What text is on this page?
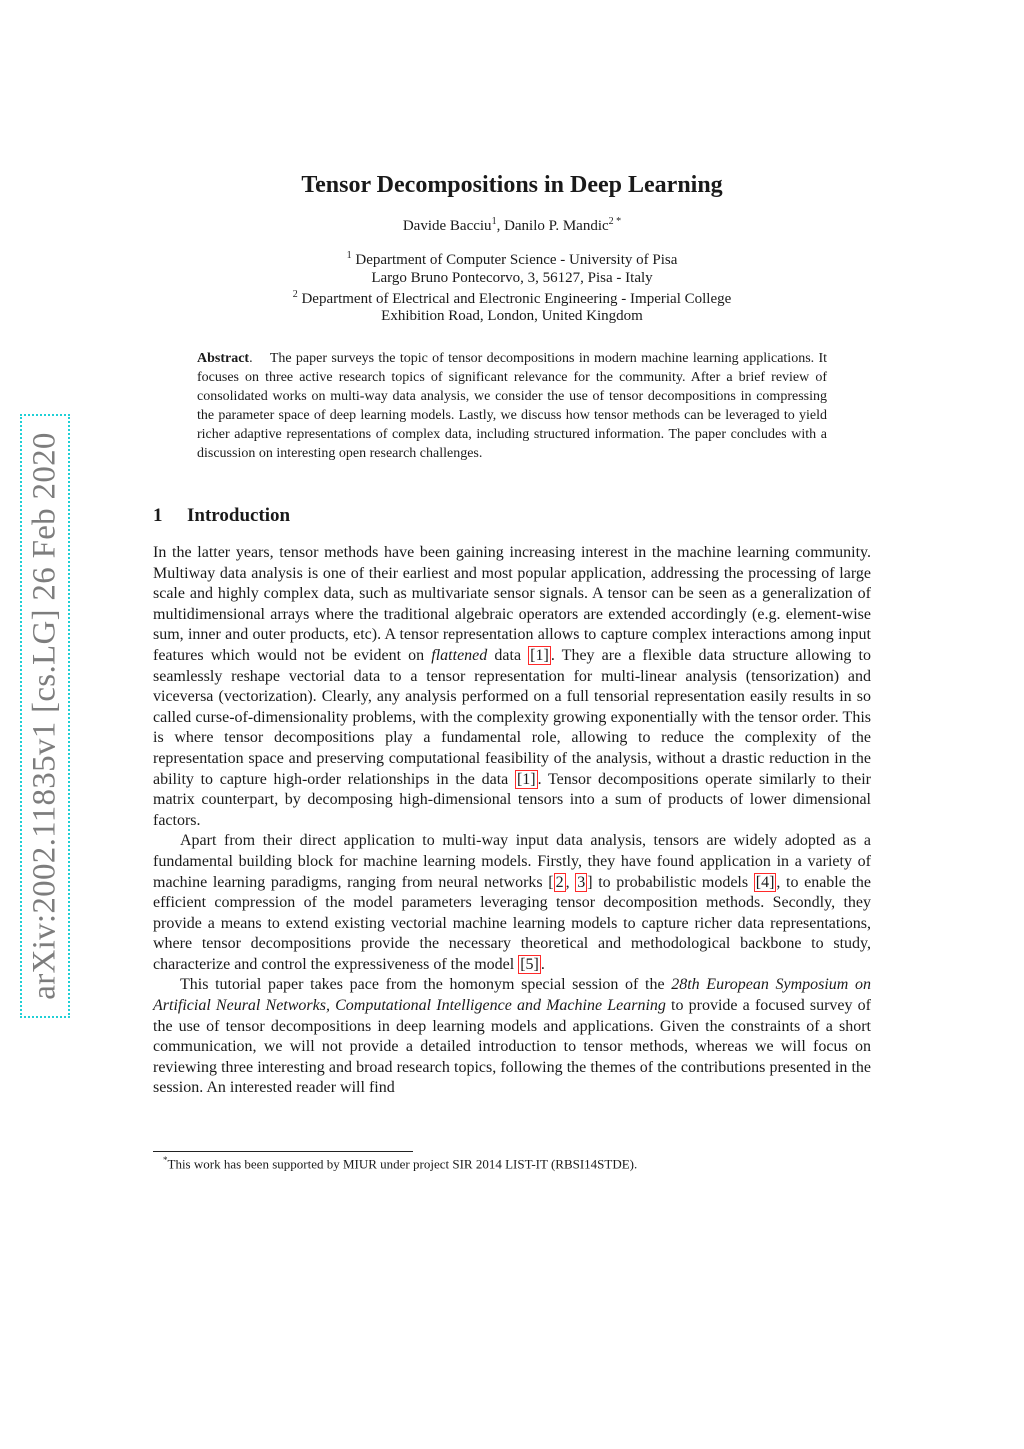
arXiv:2002.11835v1 [cs.LG] 26 Feb 2020
Tensor Decompositions in Deep Learning
Davide Bacciu$^1$, Danilo P. Mandic$^2$ *
$^1$ Department of Computer Science - University of Pisa
Largo Bruno Pontecorvo, 3, 56127, Pisa - Italy
$^2$ Department of Electrical and Electronic Engineering - Imperial College
Exhibition Road, London, United Kingdom
Abstract.    The paper surveys the topic of tensor decompositions in modern machine learning applications. It focuses on three active research topics of significant relevance for the community. After a brief review of consolidated works on multi-way data analysis, we consider the use of tensor decompositions in compressing the parameter space of deep learning models. Lastly, we discuss how tensor methods can be leveraged to yield richer adaptive representations of complex data, including structured information. The paper concludes with a discussion on interesting open research challenges.
1 Introduction

In the latter years, tensor methods have been gaining increasing interest in the machine learning community. Multiway data analysis is one of their earliest and most popular application, addressing the processing of large scale and highly complex data, such as multivariate sensor signals. A tensor can be seen as a generalization of multidimensional arrays where the traditional algebraic operators are extended accordingly (e.g. element-wise sum, inner and outer products, etc). A tensor representation allows to capture complex interactions among input features which would not be evident on flattened data [1] . They are a flexible data structure allowing to seamlessly reshape vectorial data to a tensor representation for multi-linear analysis (tensorization) and viceversa (vectorization). Clearly, any analysis performed on a full tensorial representation easily results in so called curse-of-dimensionality problems, with the complexity growing exponentially with the tensor order. This is where tensor decompositions play a fundamental role, allowing to reduce the complexity of the representation space and preserving computational feasibility of the analysis, without a drastic reduction in the ability to capture high-order relationships in the data [1] . Tensor decompositions operate similarly to their matrix counterpart, by decomposing high-dimensional tensors into a sum of products of lower dimensional factors.

Apart from their direct application to multi-way input data analysis, tensors are widely adopted as a fundamental building block for machine learning models. Firstly, they have found application in a variety of machine learning paradigms, ranging from neural networks [ 2 , 3 ] to probabilistic models [4] , to enable the efficient compression of the model parameters leveraging tensor decomposition methods. Secondly, they provide a means to extend existing vectorial machine learning models to capture richer data representations, where tensor decompositions provide the necessary theoretical and methodological backbone to study, characterize and control the expressiveness of the model [5] .

This tutorial paper takes pace from the homonym special session of the 28th European Symposium on Artificial Neural Networks, Computational Intelligence and Machine Learning to provide a focused survey of the use of tensor decompositions in deep learning models and applications. Given the constraints of a short communication, we will not provide a detailed introduction to tensor methods, whereas we will focus on reviewing three interesting and broad research topics, following the themes of the contributions presented in the session. An interested reader will find

*This work has been supported by MIUR under project SIR 2014 LIST-IT (RBSI14STDE).
